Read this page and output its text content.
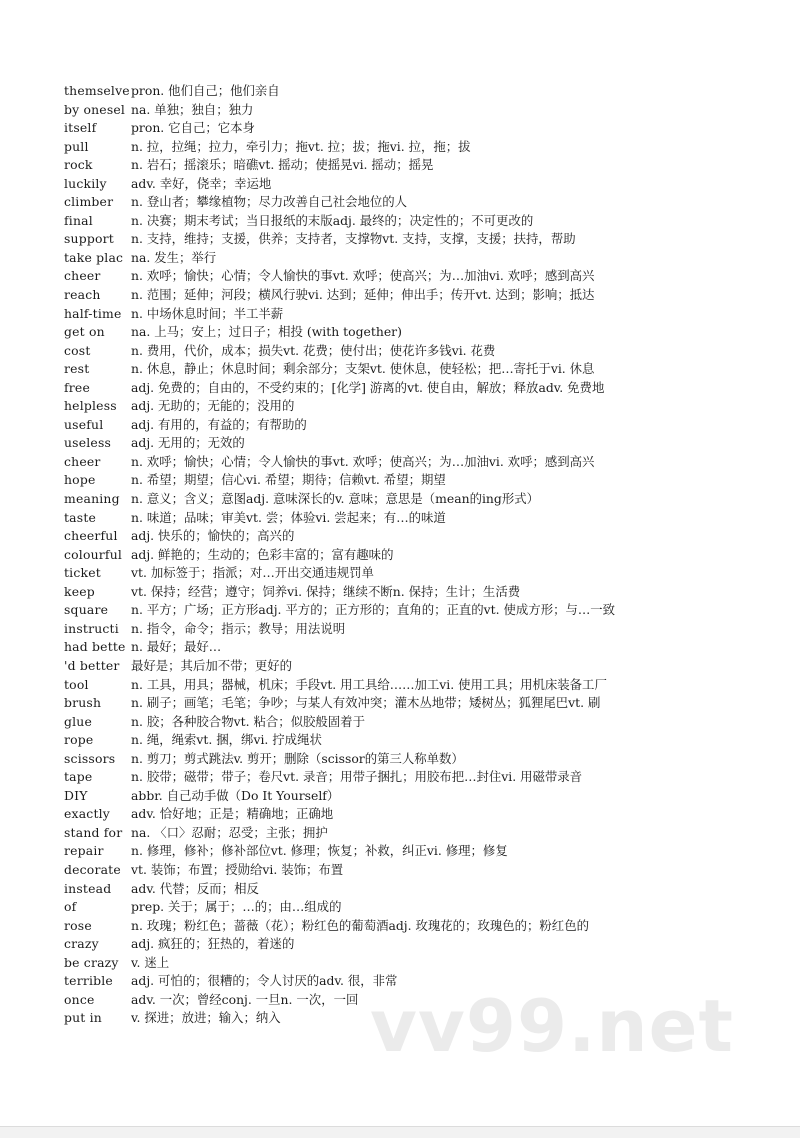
themselve pron. 他们自己；他们亲自
by onesel na. 单独；独自；独力
itself	pron. 它自己；它本身
pull	n. 拉，拉绳；拉力，牵引力；拖vt. 拉；拔；拖vi. 拉，拖；拔
rock	n. 岩石；摇滚乐；暗礁vt. 摇动；使摇晃vi. 摇动；摇晃
luckily	adv. 幸好，侥幸；幸运地
climber	n. 登山者；攀缘植物；尽力改善自己社会地位的人
final	n. 决赛；期末考试；当日报纸的末版adj. 最终的；决定性的；不可更改的
support	n. 支持，维持；支援，供养；支持者，支撑物vt. 支持，支撑，支援；扶持，帮助
take plac na. 发生；举行
cheer	n. 欢呼；愉快；心情；令人愉快的事vt. 欢呼；使高兴；为…加油vi. 欢呼；感到高兴
reach	n. 范围；延伸；河段；横风行驶vi. 达到；延伸；伸出手；传开vt. 达到；影响；抵达
half-time n. 中场休息时间；半工半薪
get on	na. 上马；安上；过日子；相投 (with together)
cost	n. 费用，代价，成本；损失vt. 花费；使付出；使花许多钱vi. 花费
rest	n. 休息，静止；休息时间；剩余部分；支架vt. 使休息，使轻松；把…寄托于vi. 休息
free	adj. 免费的；自由的，不受约束的；[化学] 游离的vt. 使自由，解放；释放adv. 免费地
helpless	adj. 无助的；无能的；没用的
useful	adj. 有用的，有益的；有帮助的
useless	adj. 无用的；无效的
cheer	n. 欢呼；愉快；心情；令人愉快的事vt. 欢呼；使高兴；为…加油vi. 欢呼；感到高兴
hope	n. 希望；期望；信心vi. 希望；期待；信赖vt. 希望；期望
meaning n. 意义；含义；意图adj. 意味深长的v. 意味；意思是（mean的ing形式）
taste	n. 味道；品味；审美vt. 尝；体验vi. 尝起来；有…的味道
cheerful	adj. 快乐的；愉快的；高兴的
colourful adj. 鲜艳的；生动的；色彩丰富的；富有趣味的
ticket	vt. 加标签于；指派；对…开出交通违规罚单
keep	vt. 保持；经营；遵守；饲养vi. 保持；继续不断n. 保持；生计；生活费
square	n. 平方；广场；正方形adj. 平方的；正方形的；直角的；正直的vt. 使成方形；与…一致
instructi n. 指令，命令；指示；教导；用法说明
had bette n. 最好；最好…
'd better 最好是；其后加不带；更好的
tool	n. 工具，用具；器械，机床；手段vt. 用工具给……加工vi. 使用工具；用机床装备工厂
brush	n. 刷子；画笔；毛笔；争吵；与某人有效冲突；灌木丛地带；矮树丛；狐狸尾巴vt. 刷
glue	n. 胶；各种胶合物vt. 粘合；似胶般固着于
rope	n. 绳，绳索vt. 捆，绑vi. 拧成绳状
scissors	n. 剪刀；剪式跳法v. 剪开；删除（scissor的第三人称单数）
tape	n. 胶带；磁带；带子；卷尺vt. 录音；用带子捆扎；用胶布把…封住vi. 用磁带录音
DIY	abbr. 自己动手做（Do It Yourself）
exactly	adv. 恰好地；正是；精确地；正确地
stand for na. 〈口〉忍耐；忍受；主张；拥护
repair	n. 修理，修补；修补部位vt. 修理；恢复；补救，纠正vi. 修理；修复
decorate vt. 装饰；布置；授勋给vi. 装饰；布置
instead	adv. 代替；反而；相反
of	prep. 关于；属于；…的；由…组成的
rose	n. 玫瑰；粉红色；蔷薇（花）；粉红色的葡萄酒adj. 玫瑰花的；玫瑰色的；粉红色的
crazy	adj. 疯狂的；狂热的，着迷的
be crazy	v. 迷上
terrible	adj. 可怕的；很糟的；令人讨厌的adv. 很，非常
once	adv. 一次；曾经conj. 一旦n. 一次，一回
put in	v. 探进；放进；输入；纳入 vv99.net
